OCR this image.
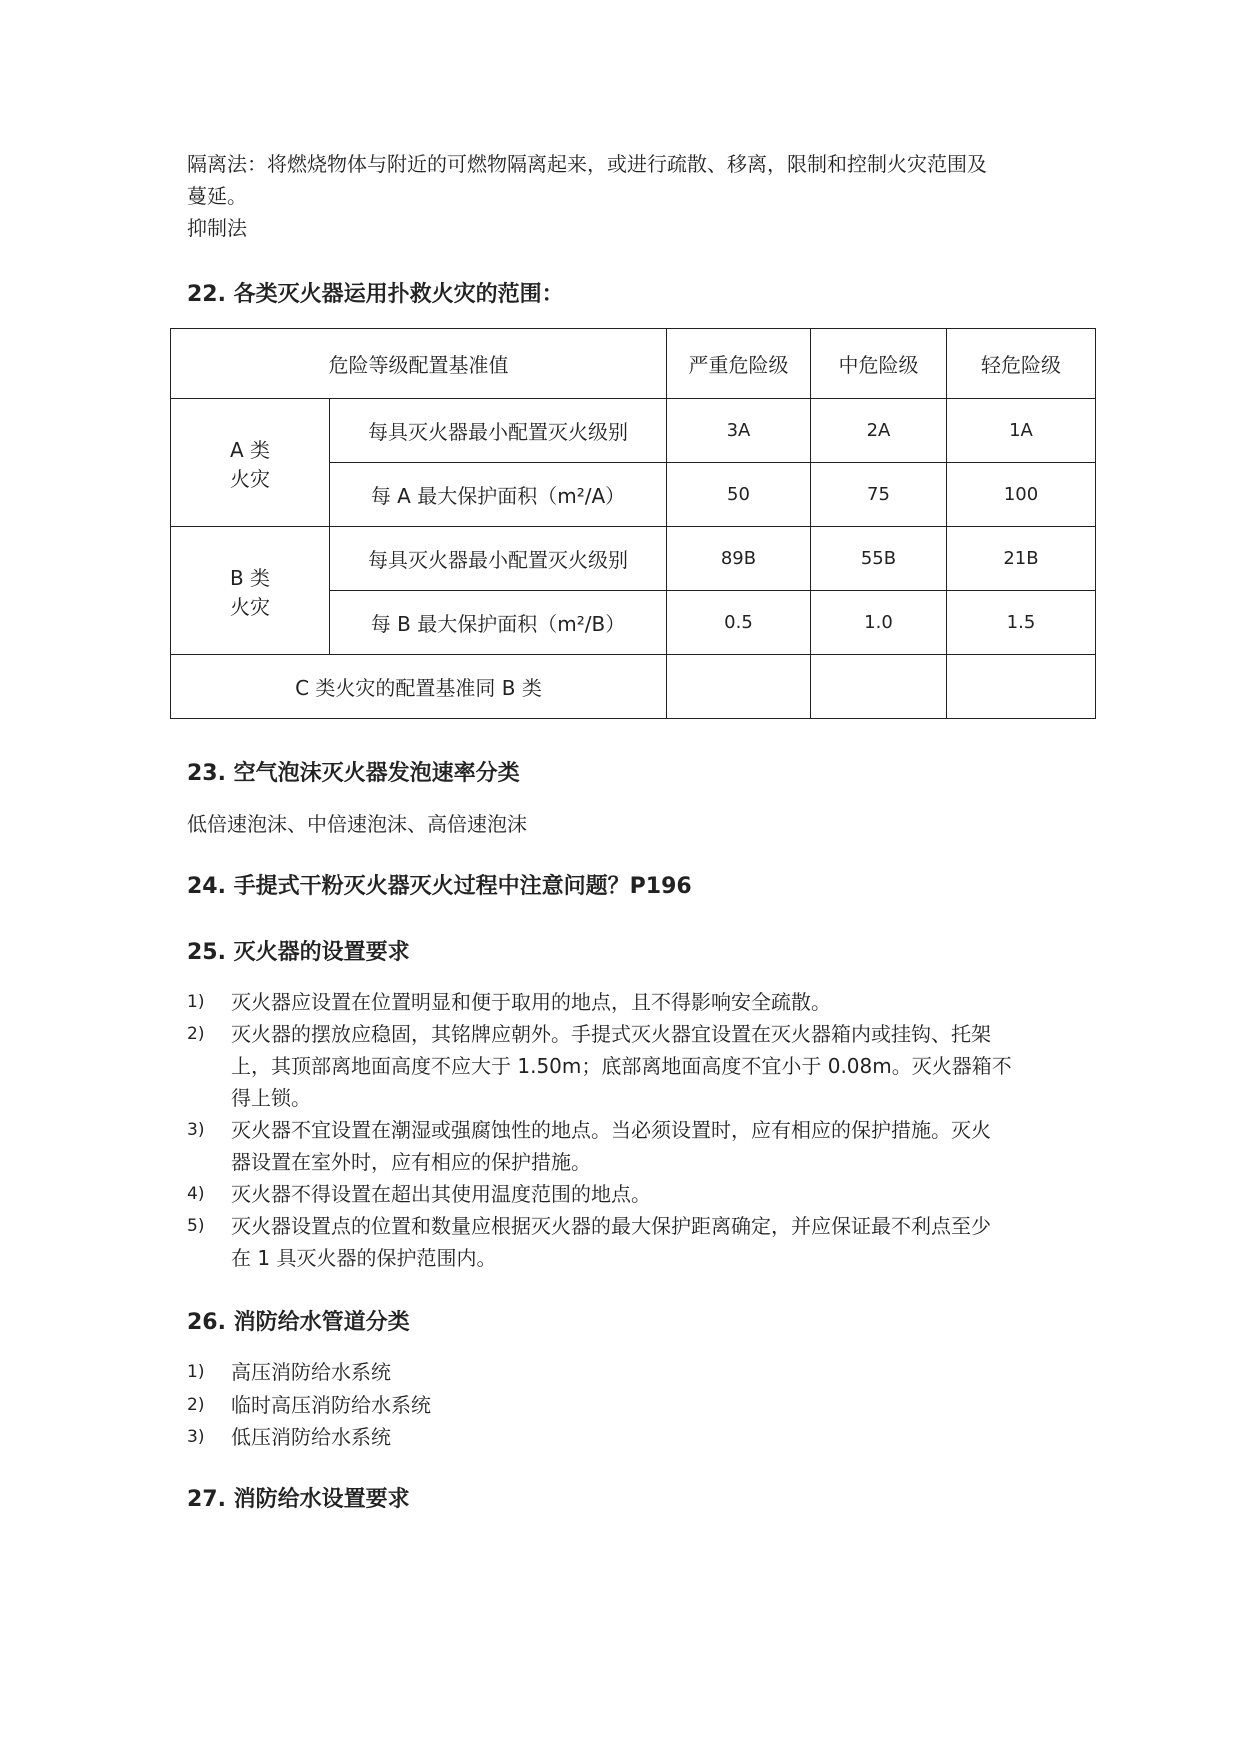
隔离法：将燃烧物体与附近的可燃物隔离起来，或进行疏散、移离，限制和控制火灾范围及
蔓延。
抑制法
22. 各类灭火器运用扑救火灾的范围：
危险等级配置基准值		严重危险级	中危险级	轻危险级

A 类
火灾	每具灭火器最小配置灭火级别	3A	2A	1A
	每 A 最大保护面积（m²/A）	50	75	100

B 类
火灾	每具灭火器最小配置灭火级别	89B	55B	21B
	每 B 最大保护面积（m²/B）	0.5	1.0	1.5
C 类火灾的配置基准同 B 类				
23. 空气泡沫灭火器发泡速率分类
低倍速泡沫、中倍速泡沫、高倍速泡沫
24. 手提式干粉灭火器灭火过程中注意问题？P196
25. 灭火器的设置要求
1)	灭火器应设置在位置明显和便于取用的地点，且不得影响安全疏散。
2)	灭火器的摆放应稳固，其铭牌应朝外。手提式灭火器宜设置在灭火器箱内或挂钩、托架
上，其顶部离地面高度不应大于 1.50m；底部离地面高度不宜小于 0.08m。灭火器箱不
得上锁。
3)	灭火器不宜设置在潮湿或强腐蚀性的地点。当必须设置时，应有相应的保护措施。灭火
器设置在室外时，应有相应的保护措施。
4)	灭火器不得设置在超出其使用温度范围的地点。
5)	灭火器设置点的位置和数量应根据灭火器的最大保护距离确定，并应保证最不利点至少
在 1 具灭火器的保护范围内。
26. 消防给水管道分类
1)	高压消防给水系统
2)	临时高压消防给水系统
3)	低压消防给水系统
27. 消防给水设置要求
